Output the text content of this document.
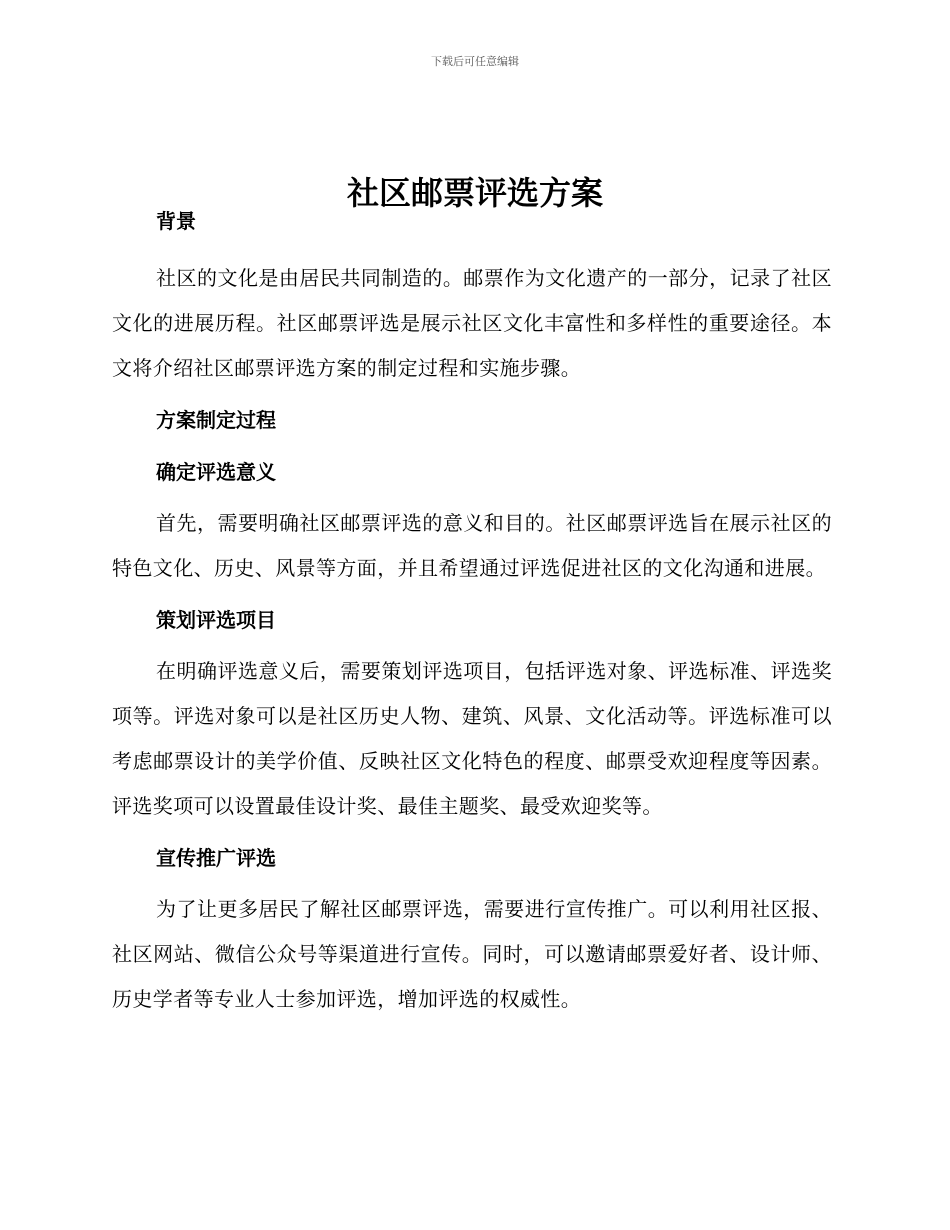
下载后可任意编辑
社区邮票评选方案

背景

社区的文化是由居民共同制造的。邮票作为文化遗产的一部分，记录了社区文化的进展历程。社区邮票评选是展示社区文化丰富性和多样性的重要途径。本文将介绍社区邮票评选方案的制定过程和实施步骤。

方案制定过程

确定评选意义

首先，需要明确社区邮票评选的意义和目的。社区邮票评选旨在展示社区的特色文化、历史、风景等方面，并且希望通过评选促进社区的文化沟通和进展。

策划评选项目

在明确评选意义后，需要策划评选项目，包括评选对象、评选标准、评选奖项等。评选对象可以是社区历史人物、建筑、风景、文化活动等。评选标准可以考虑邮票设计的美学价值、反映社区文化特色的程度、邮票受欢迎程度等因素。评选奖项可以设置最佳设计奖、最佳主题奖、最受欢迎奖等。

宣传推广评选

为了让更多居民了解社区邮票评选，需要进行宣传推广。可以利用社区报、社区网站、微信公众号等渠道进行宣传。同时，可以邀请邮票爱好者、设计师、历史学者等专业人士参加评选，增加评选的权威性。
